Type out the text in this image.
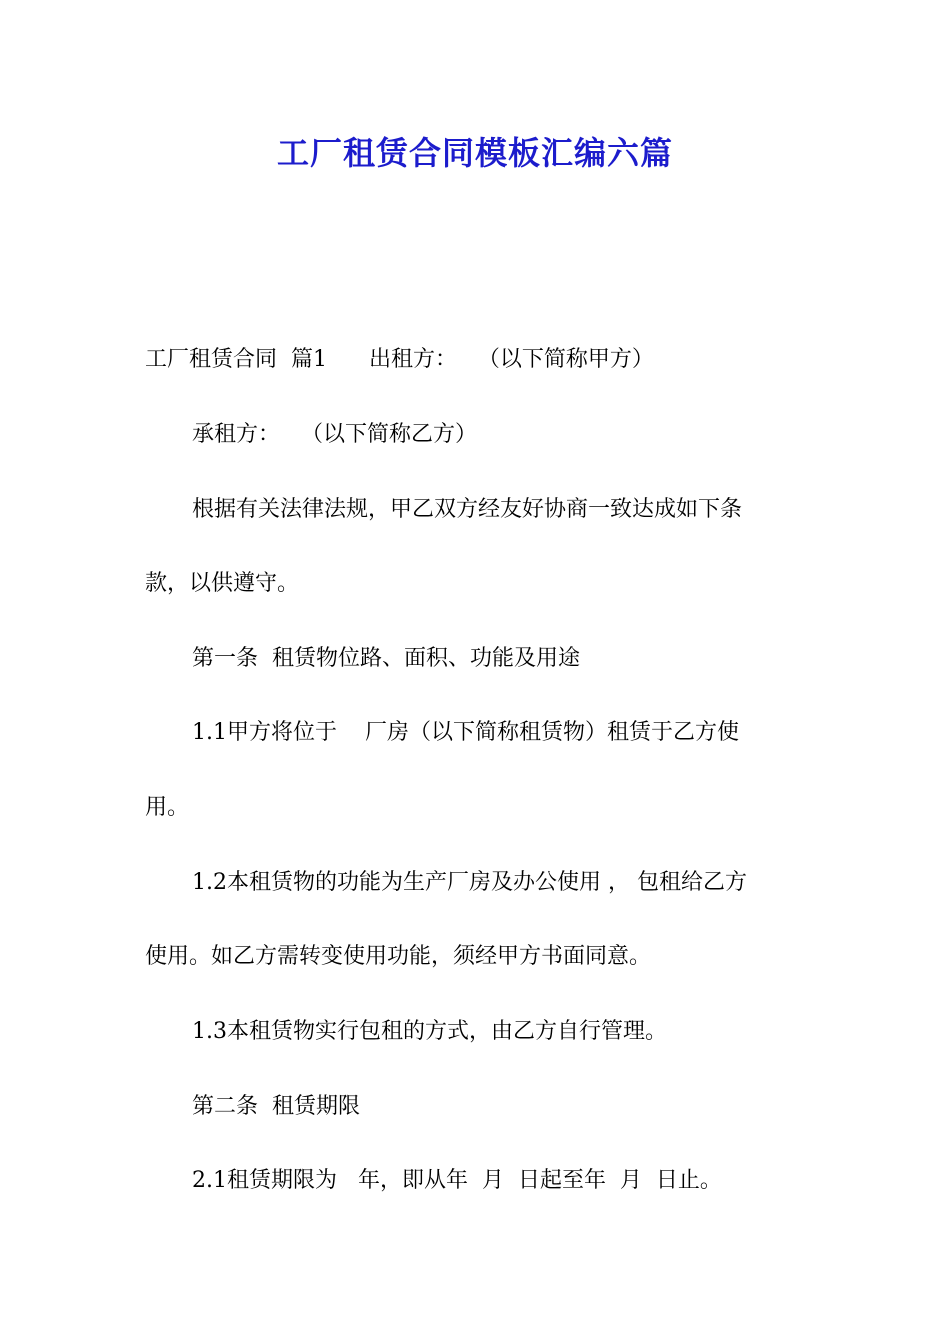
工厂租赁合同模板汇编六篇

工厂租赁合同  篇1      出租方：   （以下简称甲方）

承租方：   （以下简称乙方）

根据有关法律法规，甲乙双方经友好协商一致达成如下条

款，以供遵守。

第一条  租赁物位路、面积、功能及用途

1.1甲方将位于    厂房（以下简称租赁物）租赁于乙方使

用。

1.2本租赁物的功能为生产厂房及办公使用 ， 包租给乙方

使用。如乙方需转变使用功能，须经甲方书面同意。

1.3本租赁物实行包租的方式，由乙方自行管理。

第二条  租赁期限

2.1租赁期限为   年，即从年  月  日起至年  月  日止。
